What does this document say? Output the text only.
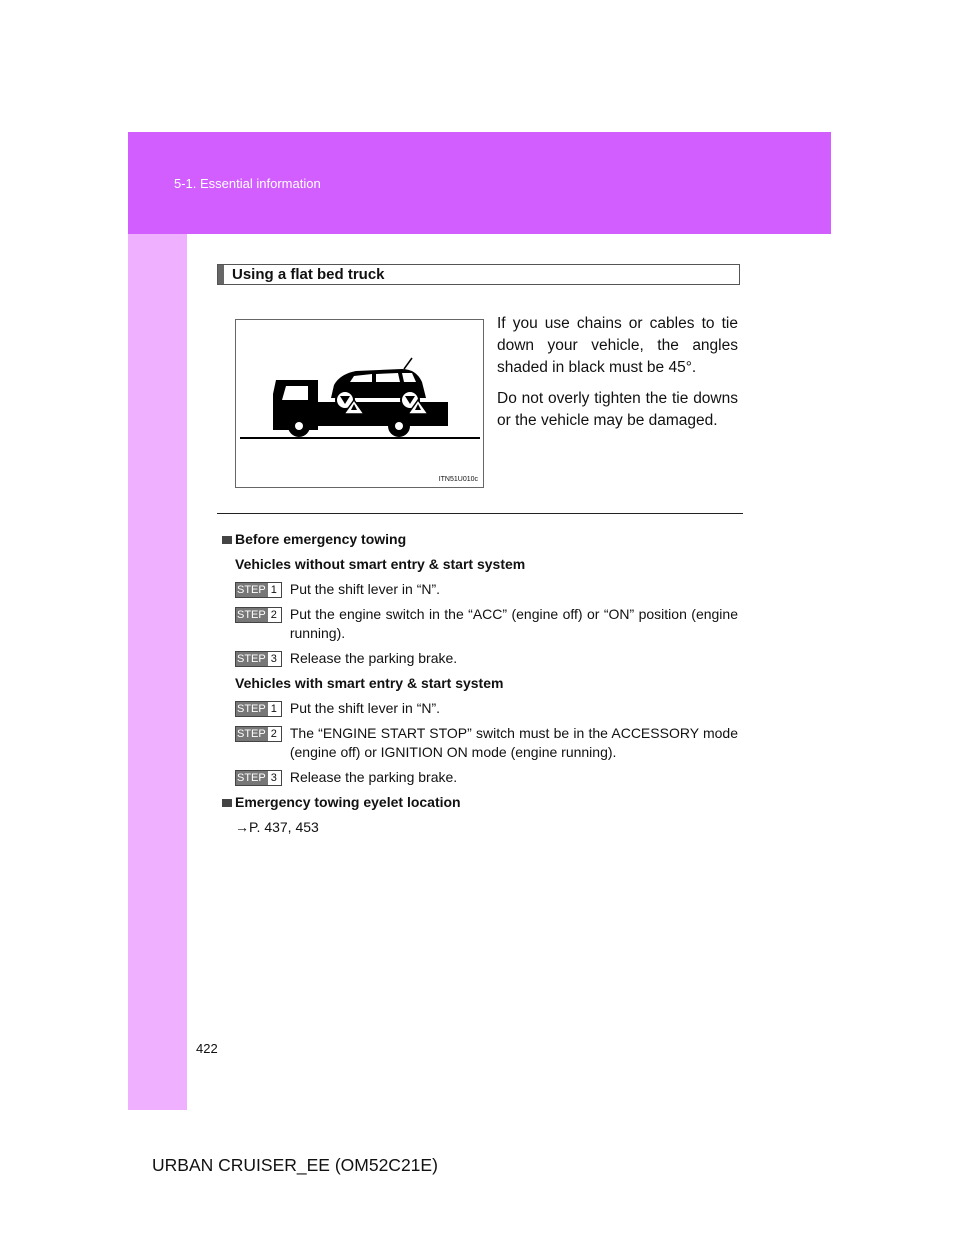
5-1. Essential information
Using a flat bed truck
ITN51U010c

If you use chains or cables to tie down your vehicle, the angles shaded in black must be 45°.

Do not overly tighten the tie downs or the vehicle may be damaged.

Before emergency towing
Vehicles without smart entry & start system
STEP 1 Put the shift lever in “N”.
STEP 2 Put the engine switch in the “ACC” (engine off) or “ON” position (engine running).
STEP 3 Release the parking brake.
Vehicles with smart entry & start system
STEP 1 Put the shift lever in “N”.
STEP 2 The “ENGINE START STOP” switch must be in the ACCESSORY mode (engine off) or IGNITION ON mode (engine running).
STEP 3 Release the parking brake.
Emergency towing eyelet location
→P. 437, 453
422
URBAN CRUISER_EE (OM52C21E)
